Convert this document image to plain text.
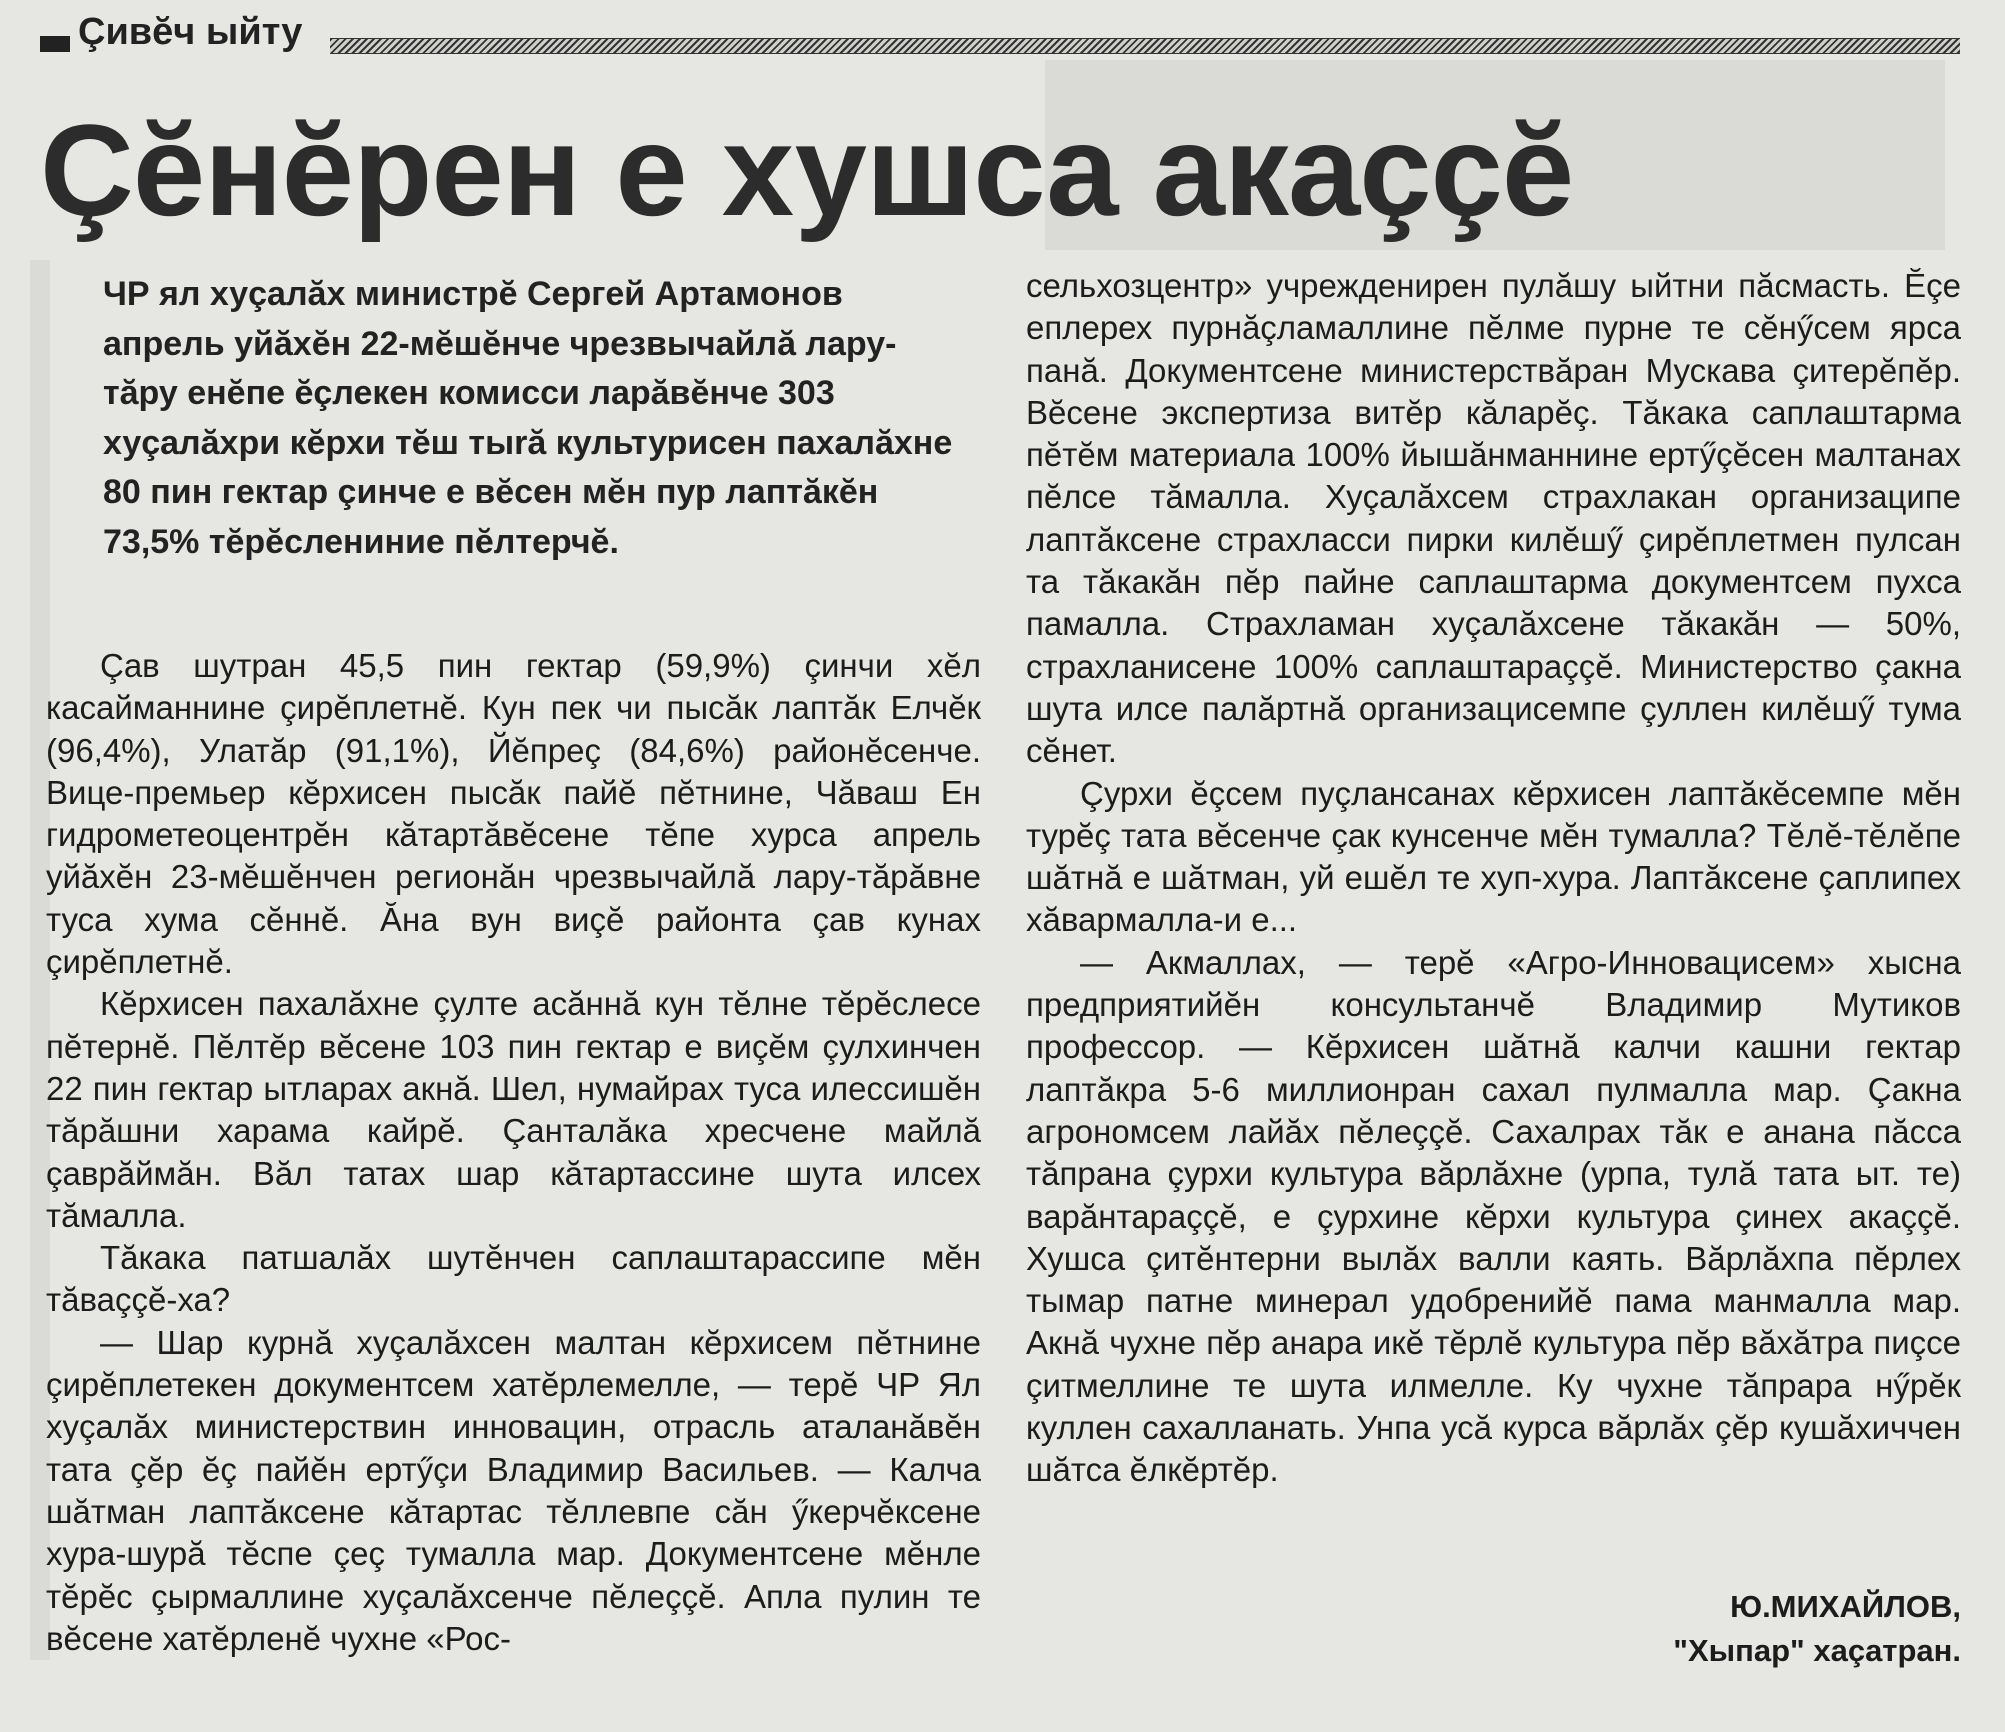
Çивĕч ыйту
Çĕнĕрен е хушса акаççĕ
ЧР ял хуçалăх министрĕ Сергей Артамонов апрель уйăхĕн 22-мĕшĕнче чрезвычайлă лару-тăру енĕпе ĕçлекен комисси ларăвĕнче 303 хуçалăхри кĕрхи тĕш тыră культурисен пахалăхне 80 пин гектар çинче е вĕсен мĕн пур лаптăкĕн 73,5% тĕрĕслениние пĕлтерчĕ.

Çав шутран 45,5 пин гектар (59,9%) çинчи хĕл касайманнине çирĕплетнĕ. Кун пек чи пысăк лаптăк Елчĕк (96,4%), Улатăр (91,1%), Йĕпреç (84,6%) районĕсенче. Вице-премьер кĕрхисен пысăк пайĕ пĕтнине, Чăваш Ен гидрометеоцентрĕн кăтартăвĕсене тĕпе хурса апрель уйăхĕн 23-мĕшĕнчен регионăн чрезвычайлă лару-тăрăвне туса хума сĕннĕ. Ăна вун виçĕ районта çав кунах çирĕплетнĕ.

Кĕрхисен пахалăхне çулте асăннă кун тĕлне тĕрĕслесе пĕтернĕ. Пĕлтĕр вĕсене 103 пин гектар е виçĕм çулхинчен 22 пин гектар ытларах акнă. Шел, нумайрах туса илессишĕн тăрăшни харама кайрĕ. Çанталăка хресчене майлă çаврăймăн. Вăл татах шар кăтартассине шута илсех тăмалла.

Тăкака патшалăх шутĕнчен саплаштарассипе мĕн тăваççĕ-ха?

— Шар курнă хуçалăхсен малтан кĕрхисем пĕтнине çирĕплетекен документсем хатĕрлемелле, — терĕ ЧР Ял хуçалăх министерствин инновацин, отрасль аталанăвĕн тата çĕр ĕç пайĕн ертӳçи Владимир Васильев. — Калча шăтман лаптăксене кăтартас тĕллевпе сăн ӳкерчĕксене хура-шурă тĕспе çеç тумалла мар. Документсене мĕнле тĕрĕс çырмаллине хуçалăхсенче пĕлеççĕ. Апла пулин те вĕсене хатĕрленĕ чухне «Рос-

сельхозцентр» учрежденирен пулăшу ыйтни пăсмасть. Ĕçе еплерех пурнăçламаллине пĕлме пурне те сĕнӳсем ярса панă. Документсене министерствăран Мускава çитерĕпĕр. Вĕсене экспертиза витĕр кăларĕç. Тăкака саплаштарма пĕтĕм материала 100% йышăнманнине ертӳçĕсен малтанах пĕлсе тăмалла. Хуçалăхсем страхлакан организаципе лаптăксене страхласси пирки килĕшӳ çирĕплетмен пулсан та тăкакăн пĕр пайне саплаштарма документсем пухса памалла. Страхламан хуçалăхсене тăкакăн — 50%, страхланисене 100% саплаштараççĕ. Министерство çакна шута илсе палăртнă организацисемпе çуллен килĕшӳ тума сĕнет.

Çурхи ĕçсем пуçлансанах кĕрхисен лаптăкĕсемпе мĕн турĕç тата вĕсенче çак кунсенче мĕн тумалла? Тĕлĕ-тĕлĕпе шăтнă е шăтман, уй ешĕл те хуп-хура. Лаптăксене çаплипех хăвармалла-и е...

— Акмаллах, — терĕ «Агро-Инновацисем» хысна предприятийĕн консультанчĕ Владимир Мутиков профессор. — Кĕрхисен шăтнă калчи кашни гектар лаптăкра 5-6 миллионран сахал пулмалла мар. Çакна агрономсем лайăх пĕлеççĕ. Сахалрах тăк е анана пăсса тăпрана çурхи культура вăрлăхне (урпа, тулă тата ыт. те) варăнтараççĕ, е çурхине кĕрхи культура çинех акаççĕ. Хушса çитĕнтерни вылăх валли каять. Вăрлăхпа пĕрлех тымар патне минерал удобренийĕ пама манмалла мар. Акнă чухне пĕр анара икĕ тĕрлĕ культура пĕр вăхăтра пиçсе çитмеллине те шута илмелле. Ку чухне тăпрара нӳрĕк куллен сахалланать. Унпа усă курса вăрлăх çĕр кушăхиччен шăтса ĕлкĕртĕр.

Ю.МИХАЙЛОВ,
"Хыпар" хаçатран.
